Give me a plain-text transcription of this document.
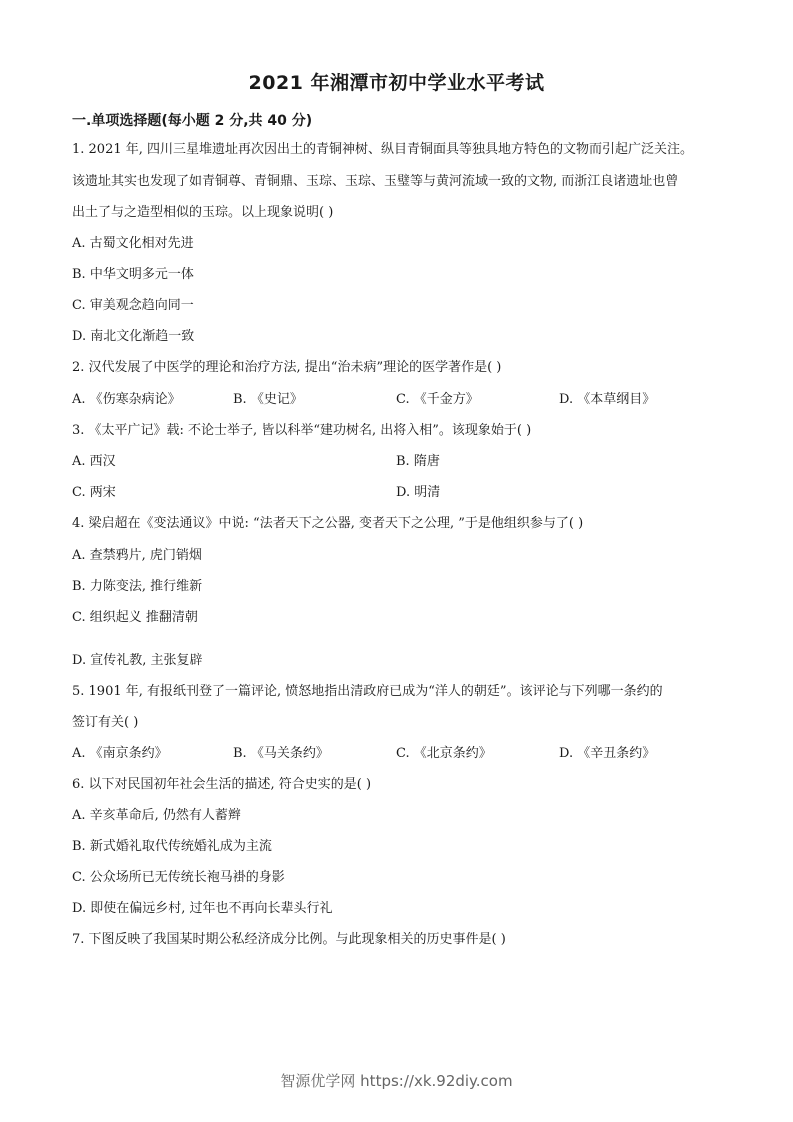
2021 年湘潭市初中学业水平考试
一.单项选择题(每小题 2 分,共 40 分)
1. 2021 年, 四川三星堆遗址再次因出土的青铜神树、纵目青铜面具等独具地方特色的文物而引起广泛关注。
该遗址其实也发现了如青铜尊、青铜鼎、玉琮、玉琮、玉璧等与黄河流域一致的文物, 而浙江良诸遗址也曾
出土了与之造型相似的玉琮。以上现象说明( )
A. 古蜀文化相对先进
B. 中华文明多元一体
C. 审美观念趋向同一
D. 南北文化渐趋一致
2. 汉代发展了中医学的理论和治疗方法, 提出“治未病”理论的医学著作是( )
A. 《伤寒杂病论》	B. 《史记》	C. 《千金方》	D. 《本草纲目》
3. 《太平广记》载: 不论士举子, 皆以科举“建功树名, 出将入相”。该现象始于( )
A. 西汉	B. 隋唐
C. 两宋	D. 明清
4. 梁启超在《变法通议》中说: “法者天下之公器, 变者天下之公理, ”于是他组织参与了( )
A. 查禁鸦片, 虎门销烟
B. 力陈变法, 推行维新
C. 组织起义 推翻清朝
D. 宣传礼教, 主张复辟
5. 1901 年, 有报纸刊登了一篇评论, 愤怒地指出清政府已成为“洋人的朝廷”。该评论与下列哪一条约的
签订有关( )
A. 《南京条约》	B. 《马关条约》	C. 《北京条约》	D. 《辛丑条约》
6. 以下对民国初年社会生活的描述, 符合史实的是( )
A. 辛亥革命后, 仍然有人蓄辫
B. 新式婚礼取代传统婚礼成为主流
C. 公众场所已无传统长袍马褂的身影
D. 即使在偏远乡村, 过年也不再向长辈头行礼
7. 下图反映了我国某时期公私经济成分比例。与此现象相关的历史事件是( )
智源优学网 https://xk.92diy.com
